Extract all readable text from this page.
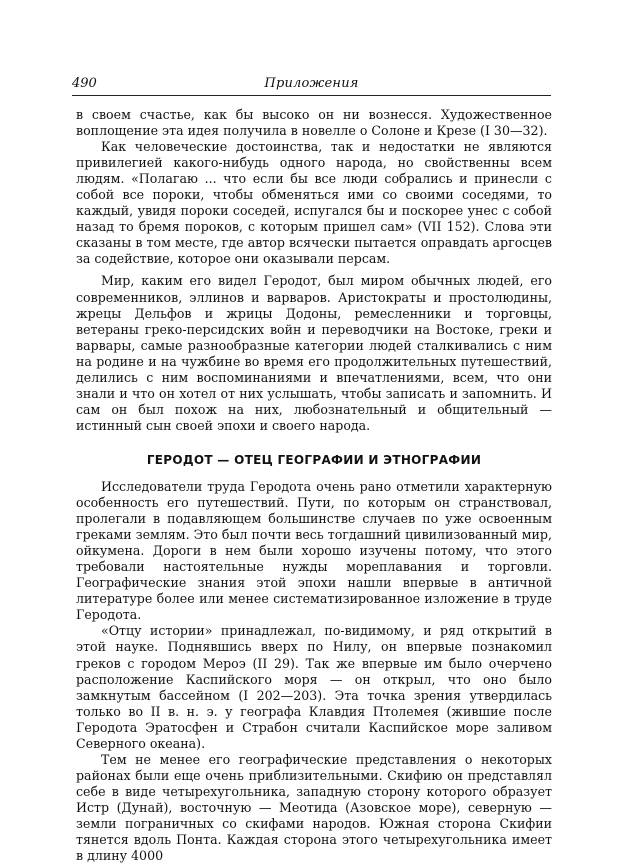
490	Приложения

в своем счастье, как бы высоко он ни вознесся. Художественное воплощение эта идея получила в новелле о Солоне и Крезе (I 30—32).

Как человеческие достоинства, так и недостатки не являются привилегией какого-нибудь одного народа, но свойственны всем людям. «Полагаю ... что если бы все люди собрались и принесли с собой все пороки, чтобы обменяться ими со своими соседями, то каждый, увидя пороки соседей, испугался бы и поскорее унес с собой назад то бремя пороков, с которым пришел сам» (VII 152). Слова эти сказаны в том месте, где автор всячески пытается оправдать аргосцев за содействие, которое они оказывали персам.

Мир, каким его видел Геродот, был миром обычных людей, его современников, эллинов и варваров. Аристократы и простолюдины, жрецы Дельфов и жрицы Додоны, ремесленники и торговцы, ветераны греко-персидских войн и переводчики на Востоке, греки и варвары, самые разнообразные категории людей сталкивались с ним на родине и на чужбине во время его продолжительных путешествий, делились с ним воспоминаниями и впечатлениями, всем, что они знали и что он хотел от них услышать, чтобы записать и запомнить. И сам он был похож на них, любознательный и общительный — истинный сын своей эпохи и своего народа.

ГЕРОДОТ — ОТЕЦ ГЕОГРАФИИ И ЭТНОГРАФИИ

Исследователи труда Геродота очень рано отметили характерную особенность его путешествий. Пути, по которым он странствовал, пролегали в подавляющем большинстве случаев по уже освоенным греками землям. Это был почти весь тогдашний цивилизованный мир, ойкумена. Дороги в нем были хорошо изучены потому, что этого требовали настоятельные нужды мореплавания и торговли. Географические знания этой эпохи нашли впервые в античной литературе более или менее систематизированное изложение в труде Геродота.

«Отцу истории» принадлежал, по-видимому, и ряд открытий в этой науке. Поднявшись вверх по Нилу, он впервые познакомил греков с городом Мероэ (II 29). Так же впервые им было очерчено расположение Каспийского моря — он открыл, что оно было замкнутым бассейном (I 202—203). Эта точка зрения утвердилась только во II в. н. э. у географа Клавдия Птолемея (жившие после Геродота Эратосфен и Страбон считали Каспийское море заливом Северного океана).

Тем не менее его географические представления о некоторых районах были еще очень приблизительными. Скифию он представлял себе в виде четырехугольника, западную сторону которого образует Истр (Дунай), восточную — Меотида (Азовское море), северную — земли пограничных со скифами народов. Южная сторона Скифии тянется вдоль Понта. Каждая сторона этого четырехугольника имеет в длину 4000
